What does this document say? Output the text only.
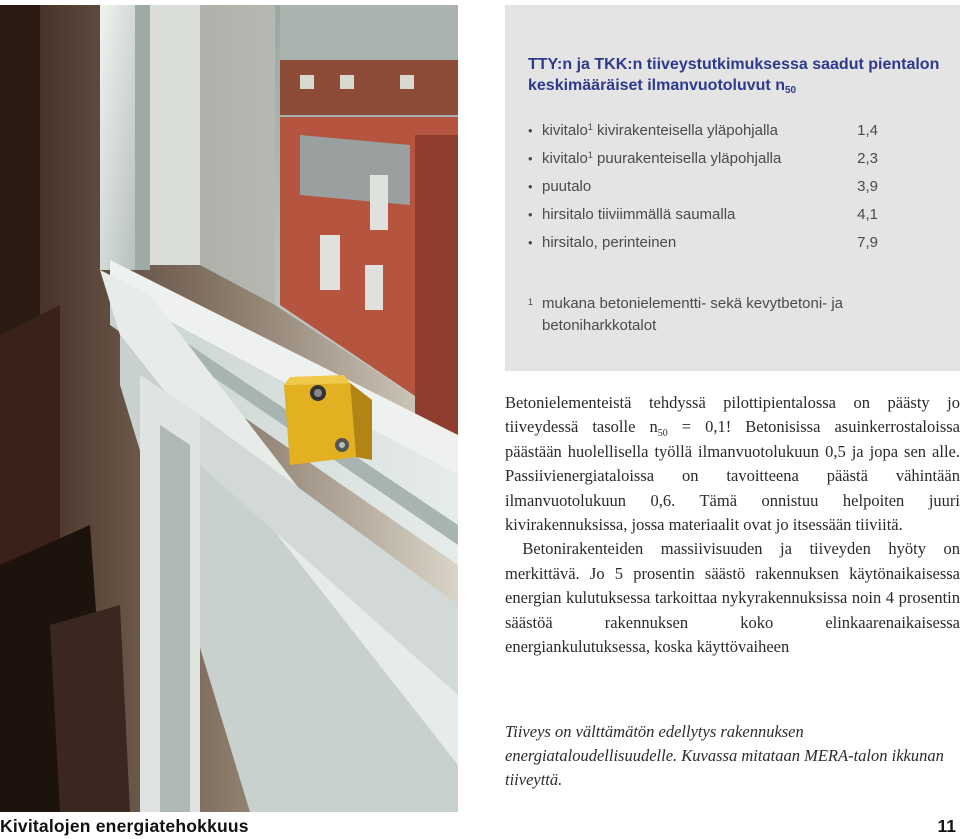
TTY:n ja TKK:n tiiveystutkimuksessa saadut pientalon keskimääräiset ilmanvuotoluvut $n_{50}$
• kivitalo$^1$ kivirakenteisella yläpohjalla	1,4
• kivitalo$^1$ puurakenteisella yläpohjalla	2,3
• puutalo	3,9
• hirsitalo tiiviimmällä saumalla	4,1
• hirsitalo, perinteinen	7,9
1 mukana betonielementti- sekä kevytbetoni- ja betoniharkkotalot

Betonielementeistä tehdyssä pilottipientalossa on päästy jo tiiveydessä tasolle $n_{50} = 0,1$! Betonisissa asuinkerrostaloissa päästään huolellisella työllä ilmanvuotolukuun 0,5 ja jopa sen alle. Passiivienergiataloissa on tavoitteena päästä vähintään ilmanvuotolukuun 0,6. Tämä onnistuu helpoiten juuri kivirakennuksissa, jossa materiaalit ovat jo itsessään tiiviitä.

Betonirakenteiden massiivisuuden ja tiiveyden hyöty on merkittävä. Jo 5 prosentin säästö rakennuksen käytönaikaisessa energian kulutuksessa tarkoittaa nykyrakennuksissa noin 4 prosentin säästöä rakennuksen koko elinkaarenaikaisessa energiankulutuksessa, koska käyttövaiheen

Tiiveys on välttämätön edellytys rakennuksen energiataloudellisuudelle. Kuvassa mitataan MERA-talon ikkunan tiiveyttä.
Kivitalojen energiatehokkuus	11
